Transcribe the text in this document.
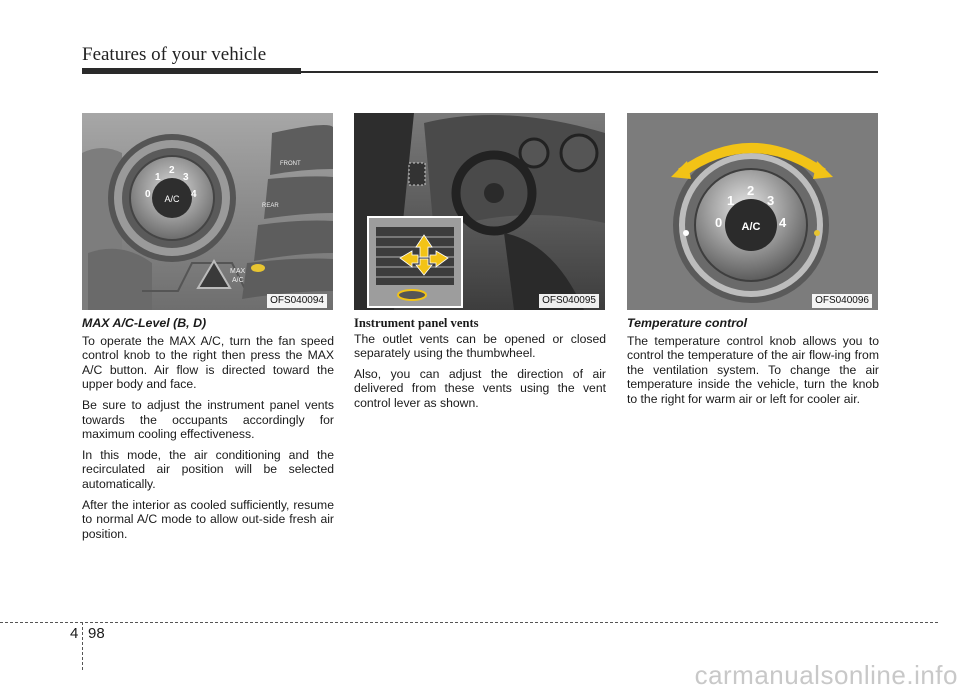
Features of your vehicle
A/C
0
1
2
3
4
FRONT
REAR
MAX
A/C
OFS040094	OFS040095
A/C
0
1
2
3
4
OFS040096

MAX A/C-Level (B, D)

To operate the MAX A/C, turn the fan speed control knob to the right then press the MAX A/C button. Air flow is directed toward the upper body and face.

Be sure to adjust the instrument panel vents towards the occupants accordingly for maximum cooling effectiveness.

In this mode, the air conditioning and the recirculated air position will be selected automatically.

After the interior as cooled sufficiently, resume to normal A/C mode to allow out-side fresh air position.

Instrument panel vents

The outlet vents can be opened or closed separately using the thumbwheel.

Also, you can adjust the direction of air delivered from these vents using the vent control lever as shown.

Temperature control

The temperature control knob allows you to control the temperature of the air flow-ing from the ventilation system. To change the air temperature inside the vehicle, turn the knob to the right for warm air or left for cooler air.

4 98
carmanualsonline.info
